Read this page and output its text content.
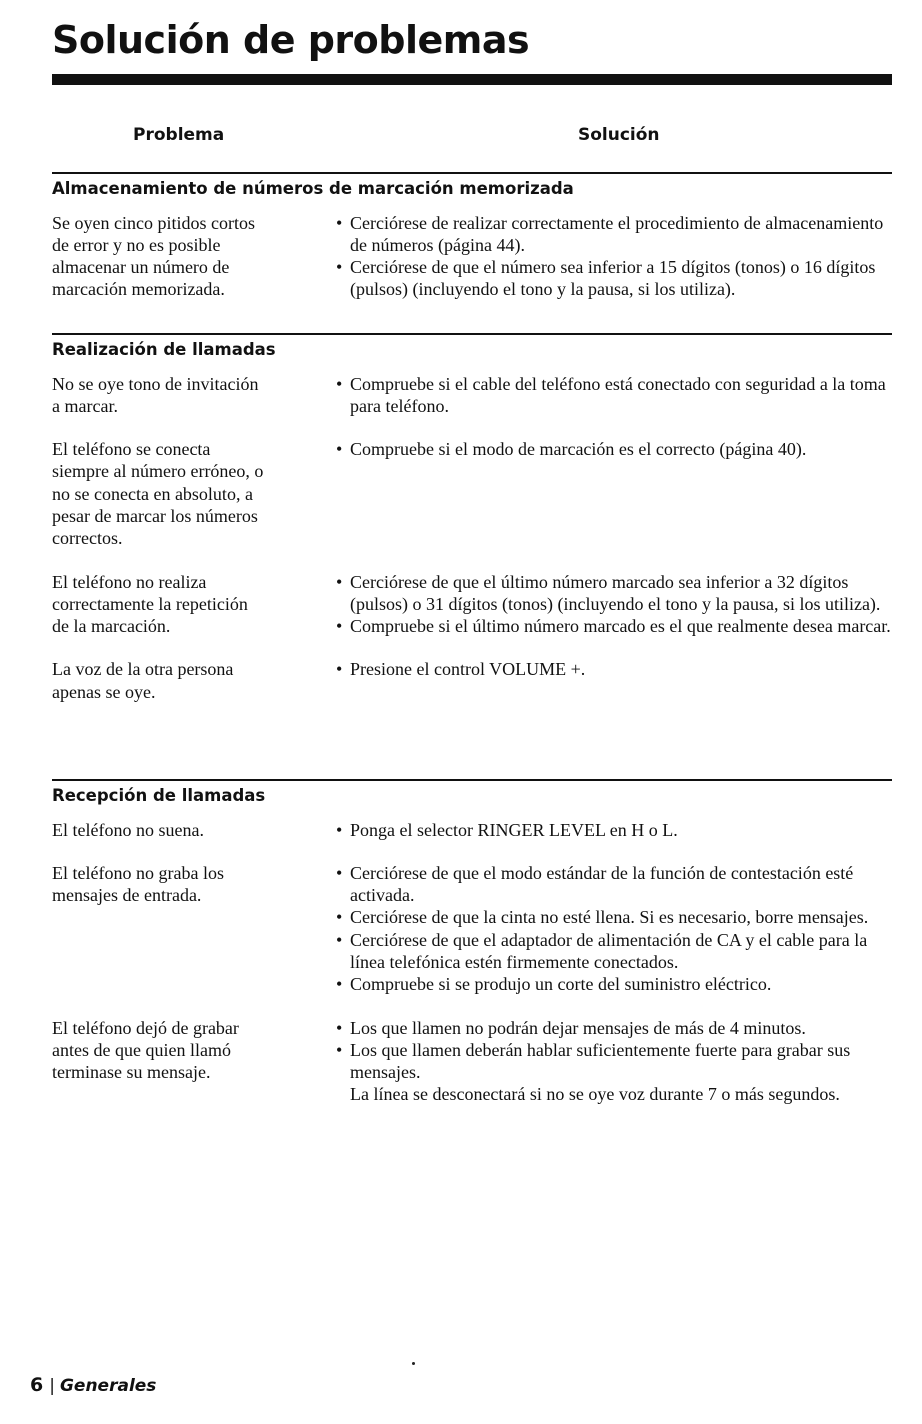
Solución de problemas
Problema	Solución
Almacenamiento de números de marcación memorizada
Se oyen cinco pitidos cortos
de error y no es posible
almacenar un número de
marcación memorizada.
• Cerciórese de realizar correctamente el procedimiento de almacenamiento de números (página 44).
• Cerciórese de que el número sea inferior a 15 dígitos (tonos) o 16 dígitos (pulsos) (incluyendo el tono y la pausa, si los utiliza).
Realización de llamadas
No se oye tono de invitación
a marcar.
• Compruebe si el cable del teléfono está conectado con seguridad a la toma para teléfono.
El teléfono se conecta
siempre al número erróneo, o
no se conecta en absoluto, a
pesar de marcar los números
correctos.
• Compruebe si el modo de marcación es el correcto (página 40).
El teléfono no realiza
correctamente la repetición
de la marcación.
• Cerciórese de que el último número marcado sea inferior a 32 dígitos (pulsos) o 31 dígitos (tonos) (incluyendo el tono y la pausa, si los utiliza).
• Compruebe si el último número marcado es el que realmente desea marcar.
La voz de la otra persona
apenas se oye.
• Presione el control VOLUME +.
Recepción de llamadas
El teléfono no suena.	• Ponga el selector RINGER LEVEL en H o L.
El teléfono no graba los
mensajes de entrada.
• Cerciórese de que el modo estándar de la función de contestación esté activada.
• Cerciórese de que la cinta no esté llena. Si es necesario, borre mensajes.
• Cerciórese de que el adaptador de alimentación de CA y el cable para la línea telefónica estén firmemente conectados.
• Compruebe si se produjo un corte del suministro eléctrico.
El teléfono dejó de grabar
antes de que quien llamó
terminase su mensaje.
• Los que llamen no podrán dejar mensajes de más de 4 minutos.
• Los que llamen deberán hablar suficientemente fuerte para grabar sus mensajes.
La línea se desconectará si no se oye voz durante 7 o más segundos.
6 | Generales
